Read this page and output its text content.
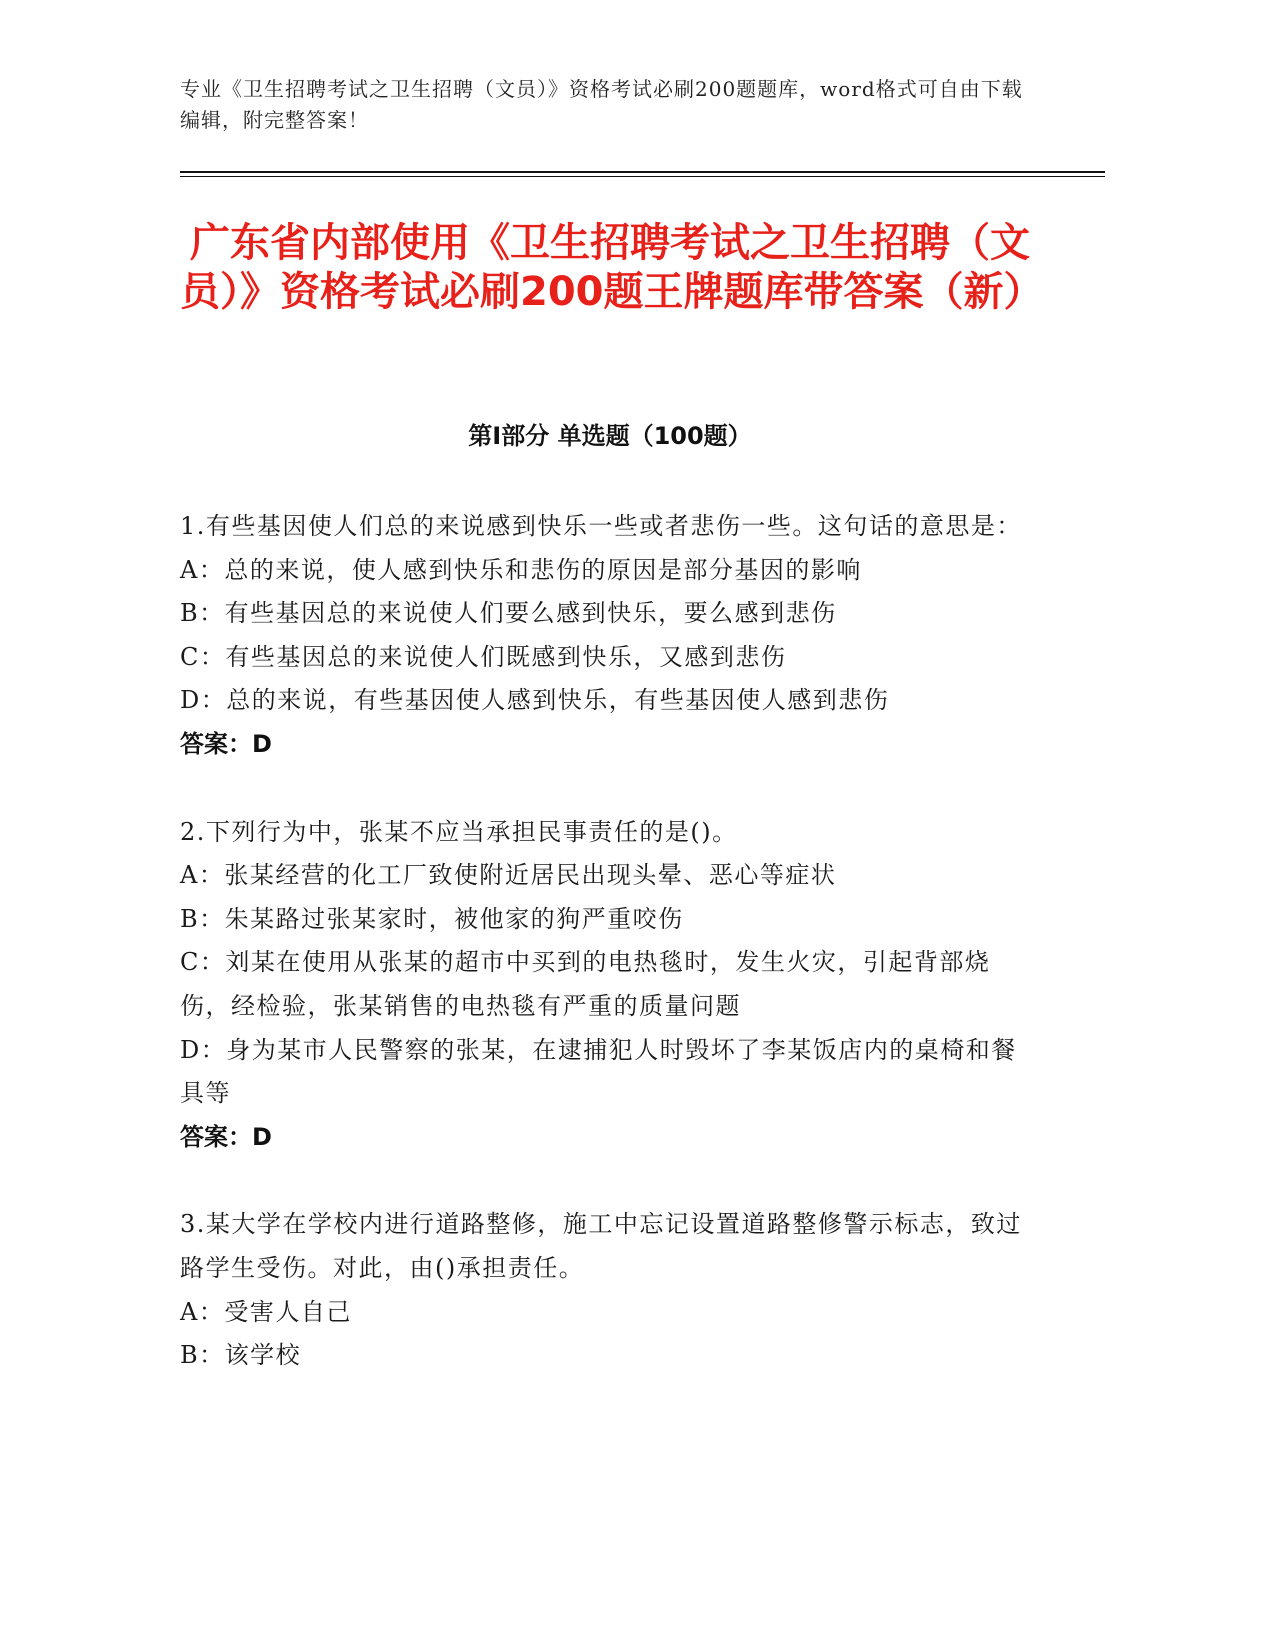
专业《卫生招聘考试之卫生招聘（文员）》资格考试必刷200题题库，word格式可自由下载编辑，附完整答案！
广东省内部使用《卫生招聘考试之卫生招聘（文员）》资格考试必刷200题王牌题库带答案（新）
第I部分 单选题（100题）

1.有些基因使人们总的来说感到快乐一些或者悲伤一些。这句话的意思是：

A：总的来说，使人感到快乐和悲伤的原因是部分基因的影响

B：有些基因总的来说使人们要么感到快乐，要么感到悲伤

C：有些基因总的来说使人们既感到快乐，又感到悲伤

D：总的来说，有些基因使人感到快乐，有些基因使人感到悲伤

答案：D

2.下列行为中，张某不应当承担民事责任的是()。

A：张某经营的化工厂致使附近居民出现头晕、恶心等症状

B：朱某路过张某家时，被他家的狗严重咬伤

C：刘某在使用从张某的超市中买到的电热毯时，发生火灾，引起背部烧伤，经检验，张某销售的电热毯有严重的质量问题

D：身为某市人民警察的张某，在逮捕犯人时毁坏了李某饭店内的桌椅和餐具等

答案：D

3.某大学在学校内进行道路整修，施工中忘记设置道路整修警示标志，致过路学生受伤。对此，由()承担责任。

A：受害人自己

B：该学校
